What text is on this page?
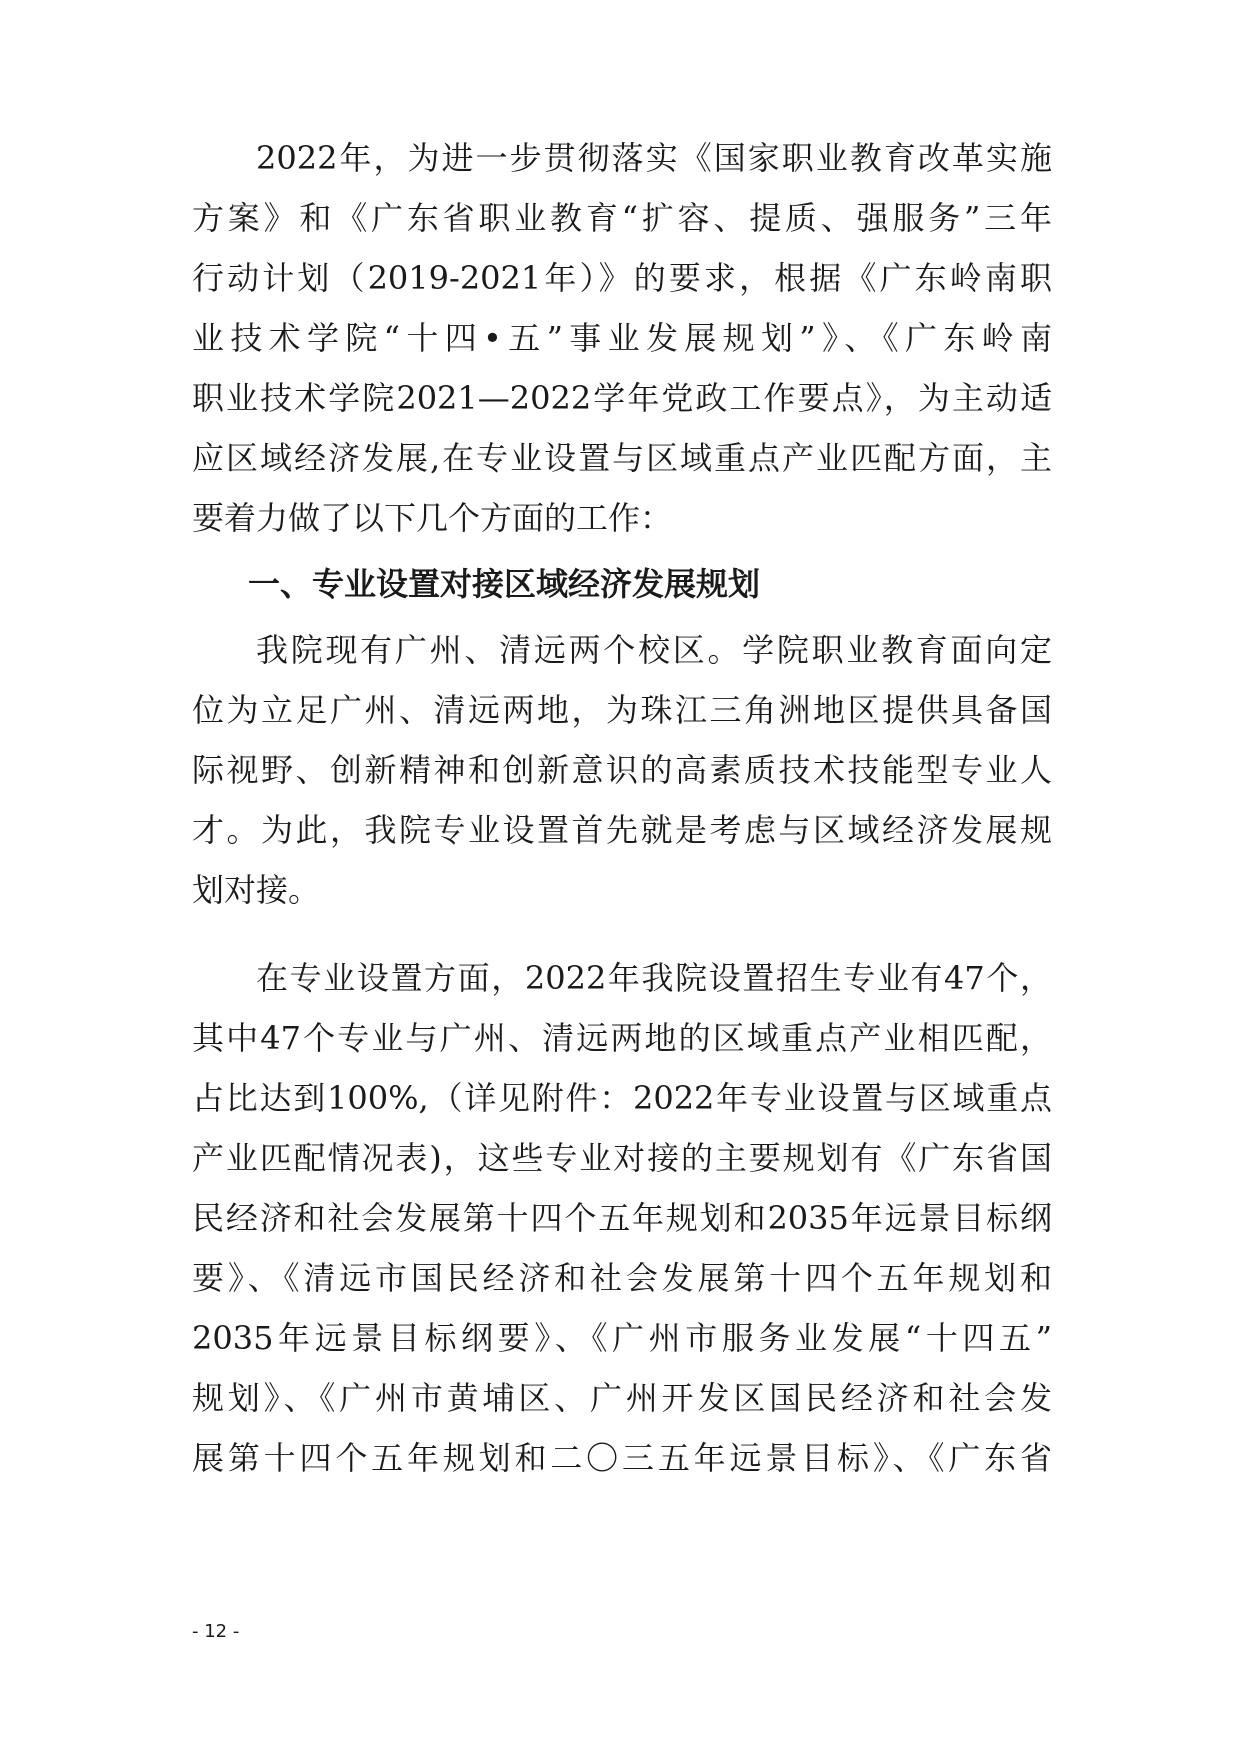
2022年，为进一步贯彻落实《国家职业教育改革实施
方案》和《广东省职业教育“扩容、提质、强服务”三年
行动计划（2019-2021年）》的要求，根据《广东岭南职
业技术学院“十四•五”事业发展规划”》、《广东岭南
职业技术学院2021—2022学年党政工作要点》，为主动适
应区域经济发展,在专业设置与区域重点产业匹配方面，主
要着力做了以下几个方面的工作：
一、专业设置对接区域经济发展规划
我院现有广州、清远两个校区。学院职业教育面向定
位为立足广州、清远两地，为珠江三角洲地区提供具备国
际视野、创新精神和创新意识的高素质技术技能型专业人
才。为此，我院专业设置首先就是考虑与区域经济发展规
划对接。
在专业设置方面，2022年我院设置招生专业有47个，
其中47个专业与广州、清远两地的区域重点产业相匹配，
占比达到100%,（详见附件：2022年专业设置与区域重点
产业匹配情况表)，这些专业对接的主要规划有《广东省国
民经济和社会发展第十四个五年规划和2035年远景目标纲
要》、《清远市国民经济和社会发展第十四个五年规划和
2035年远景目标纲要》、《广州市服务业发展“十四五”
规划》、《广州市黄埔区、广州开发区国民经济和社会发
展第十四个五年规划和二〇三五年远景目标》、《广东省
- 12 -
